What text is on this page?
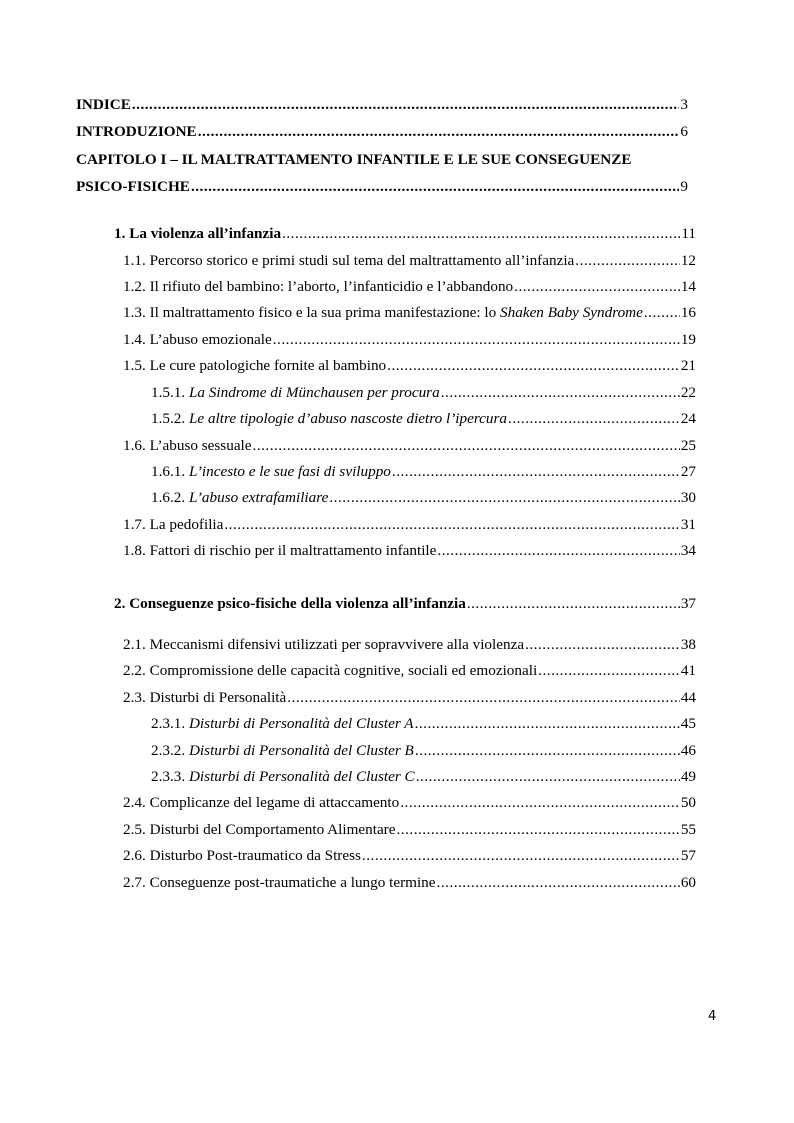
INDICE .....	3
INTRODUZIONE .....	6
CAPITOLO I – IL MALTRATTAMENTO INFANTILE E LE SUE CONSEGUENZE
PSICO-FISICHE .....	9
1. La violenza all’infanzia .....	11
1.1. Percorso storico e primi studi sul tema del maltrattamento all’infanzia .....	12
1.2. Il rifiuto del bambino: l’aborto, l’infanticidio e l’abbandono .....	14
1.3. Il maltrattamento fisico e la sua prima manifestazione: lo Shaken Baby Syndrome ..... 16
1.4. L’abuso emozionale .....	19
1.5. Le cure patologiche fornite al bambino .....	21
1.5.1. La Sindrome di Münchausen per procura .....	22
1.5.2. Le altre tipologie d’abuso nascoste dietro l’ipercura .....	24
1.6. L’abuso sessuale .....	25
1.6.1. L’incesto e le sue fasi di sviluppo .....	27
1.6.2. L’abuso extrafamiliare .....	30
1.7. La pedofilia .....	31
1.8. Fattori di rischio per il maltrattamento infantile .....	34
2. Conseguenze psico-fisiche della violenza all’infanzia .....	37
2.1. Meccanismi difensivi utilizzati per sopravvivere alla violenza .....	38
2.2. Compromissione delle capacità cognitive, sociali ed emozionali .....	41
2.3. Disturbi di Personalità .....	44
2.3.1. Disturbi di Personalità del Cluster A .....	45
2.3.2. Disturbi di Personalità del Cluster B .....	46
2.3.3. Disturbi di Personalità del Cluster C .....	49
2.4. Complicanze del legame di attaccamento .....	50
2.5. Disturbi del Comportamento Alimentare .....	55
2.6. Disturbo Post-traumatico da Stress .....	57
2.7. Conseguenze post-traumatiche a lungo termine .....	60
4
